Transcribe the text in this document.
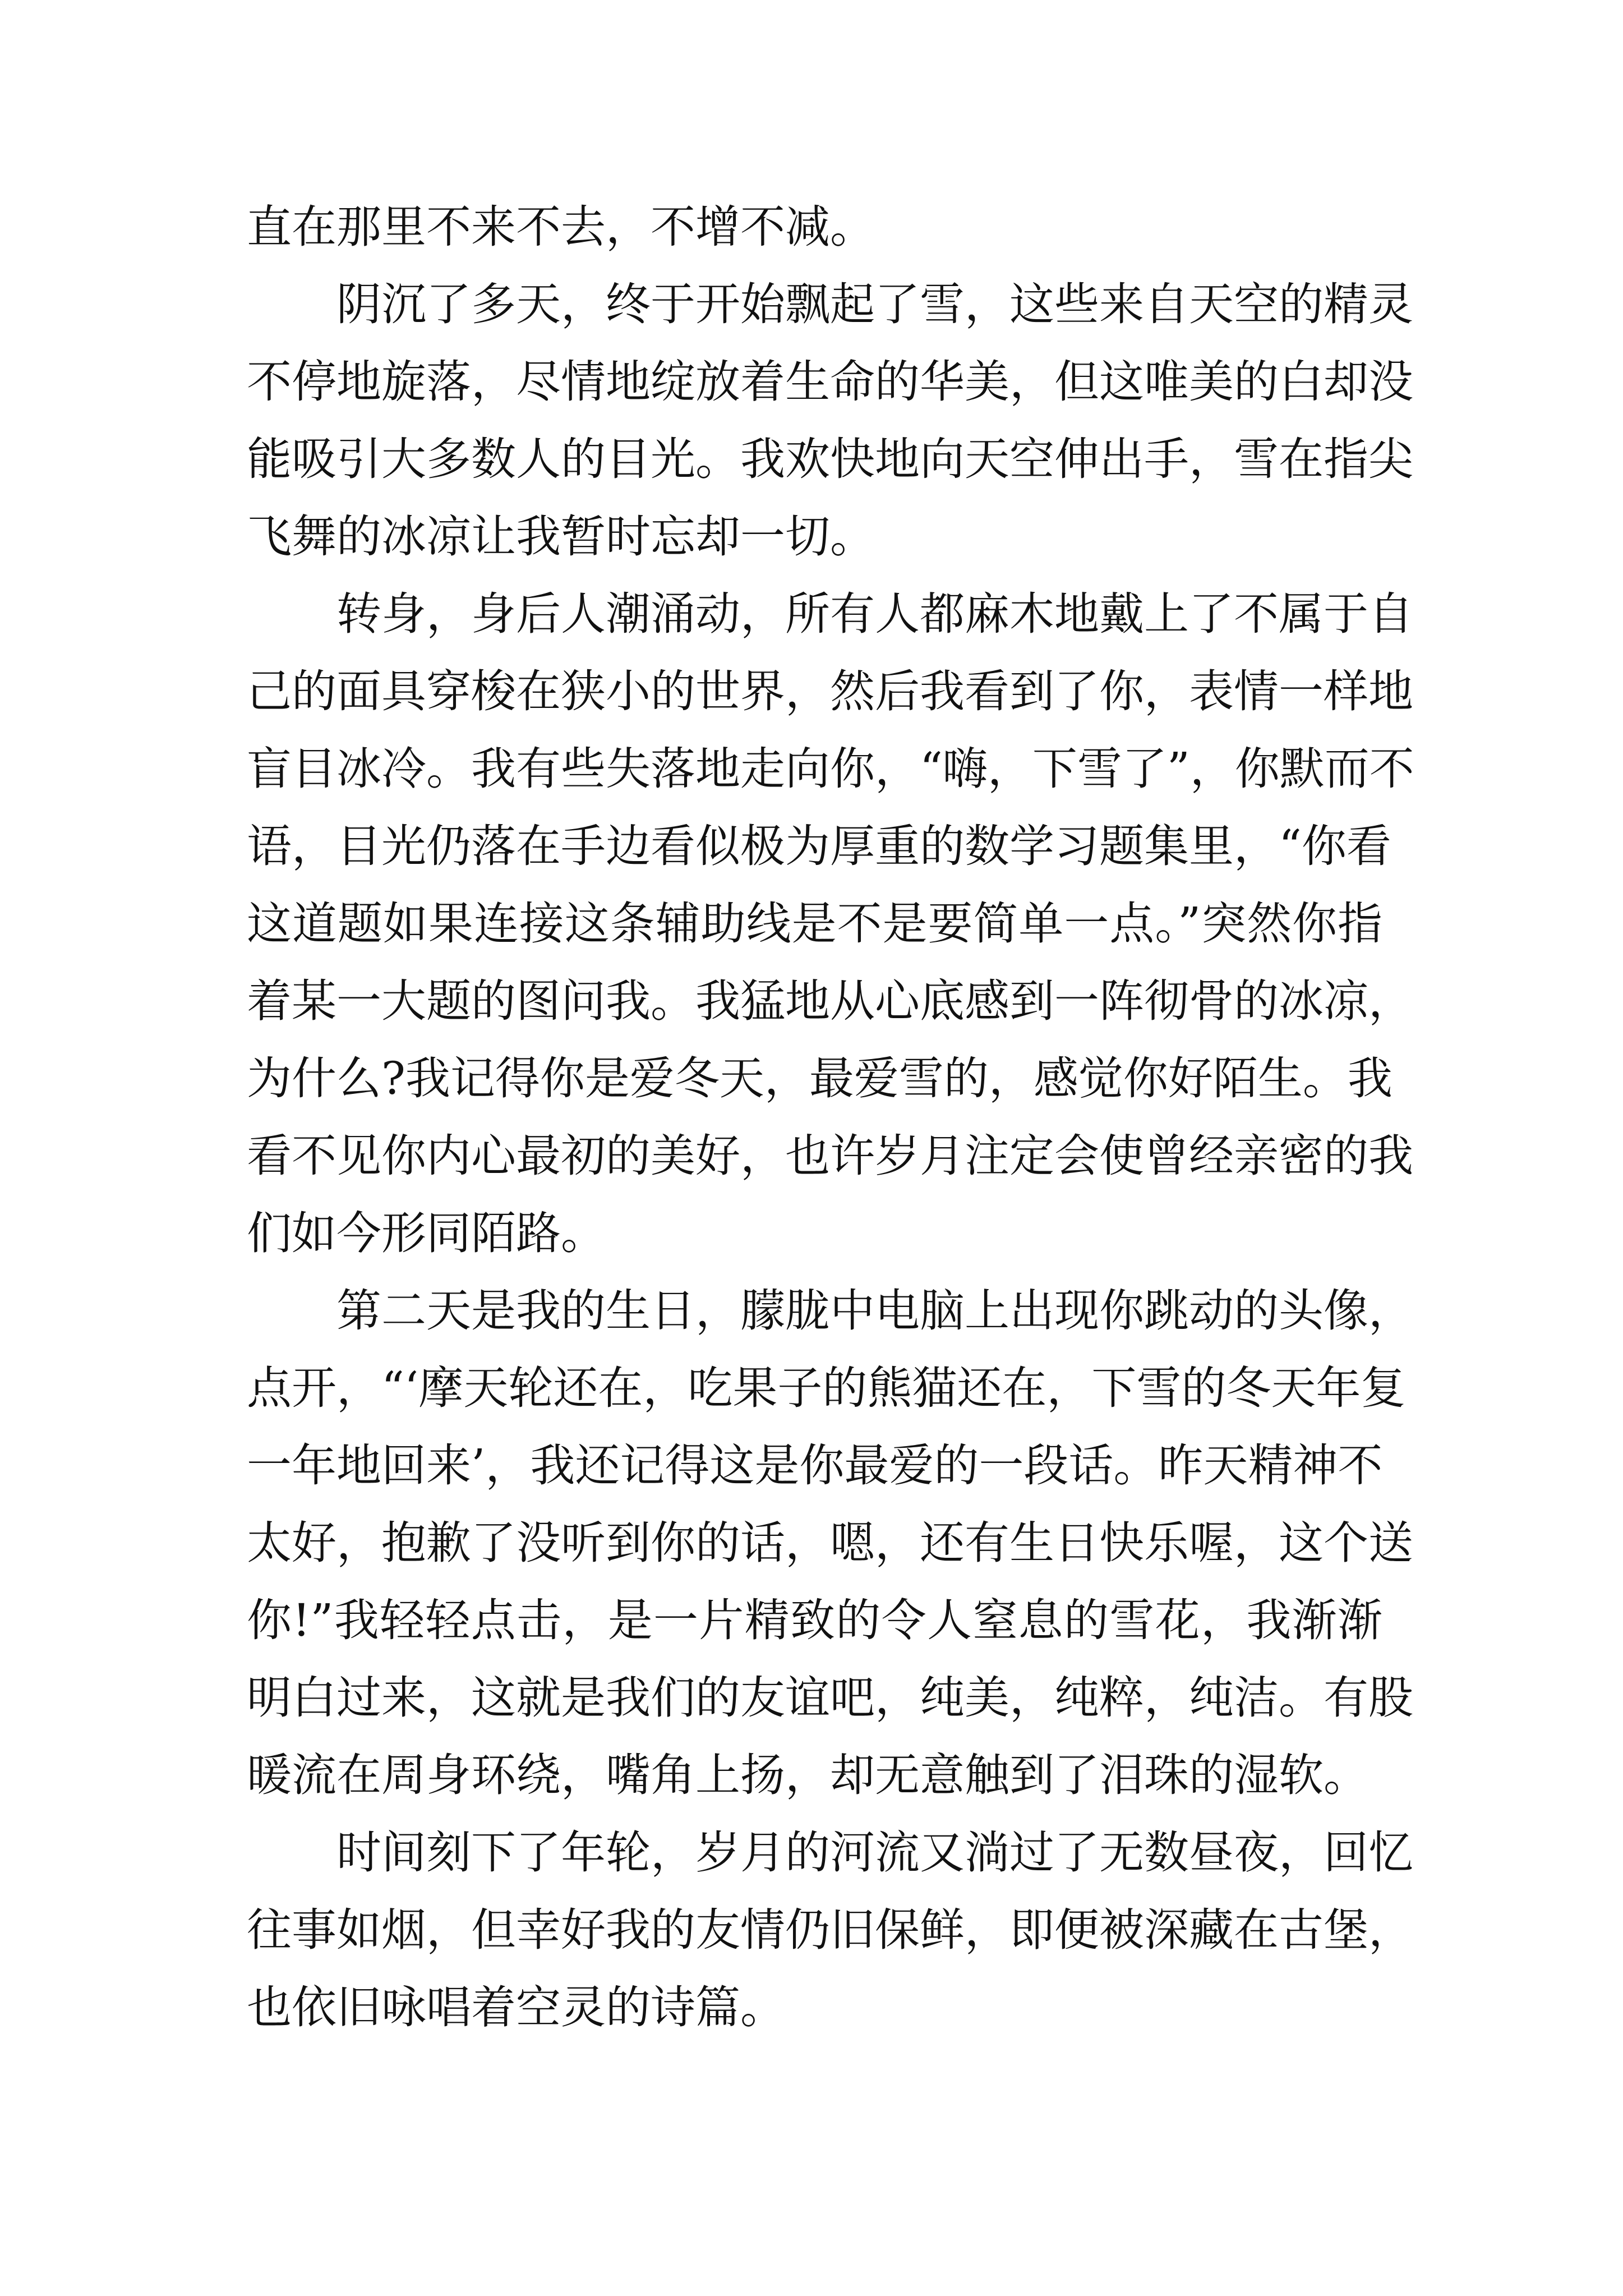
直在那里不来不去，不增不减。
阴沉了多天，终于开始飘起了雪，这些来自天空的精灵
不停地旋落，尽情地绽放着生命的华美，但这唯美的白却没
能吸引大多数人的目光。我欢快地向天空伸出手，雪在指尖
飞舞的冰凉让我暂时忘却一切。
转身，身后人潮涌动，所有人都麻木地戴上了不属于自
己的面具穿梭在狭小的世界，然后我看到了你，表情一样地
盲目冰冷。我有些失落地走向你，“嗨，下雪了”，你默而不
语，目光仍落在手边看似极为厚重的数学习题集里，“你看
这道题如果连接这条辅助线是不是要简单一点。”突然你指
着某一大题的图问我。我猛地从心底感到一阵彻骨的冰凉，
为什么?我记得你是爱冬天，最爱雪的，感觉你好陌生。我
看不见你内心最初的美好，也许岁月注定会使曾经亲密的我
们如今形同陌路。
第二天是我的生日，朦胧中电脑上出现你跳动的头像，
点开，“‘摩天轮还在，吃果子的熊猫还在，下雪的冬天年复
一年地回来’，我还记得这是你最爱的一段话。昨天精神不
太好，抱歉了没听到你的话，嗯，还有生日快乐喔，这个送
你!”我轻轻点击，是一片精致的令人窒息的雪花，我渐渐
明白过来，这就是我们的友谊吧，纯美，纯粹，纯洁。有股
暖流在周身环绕，嘴角上扬，却无意触到了泪珠的湿软。
时间刻下了年轮，岁月的河流又淌过了无数昼夜，回忆
往事如烟，但幸好我的友情仍旧保鲜，即便被深藏在古堡，
也依旧咏唱着空灵的诗篇。
